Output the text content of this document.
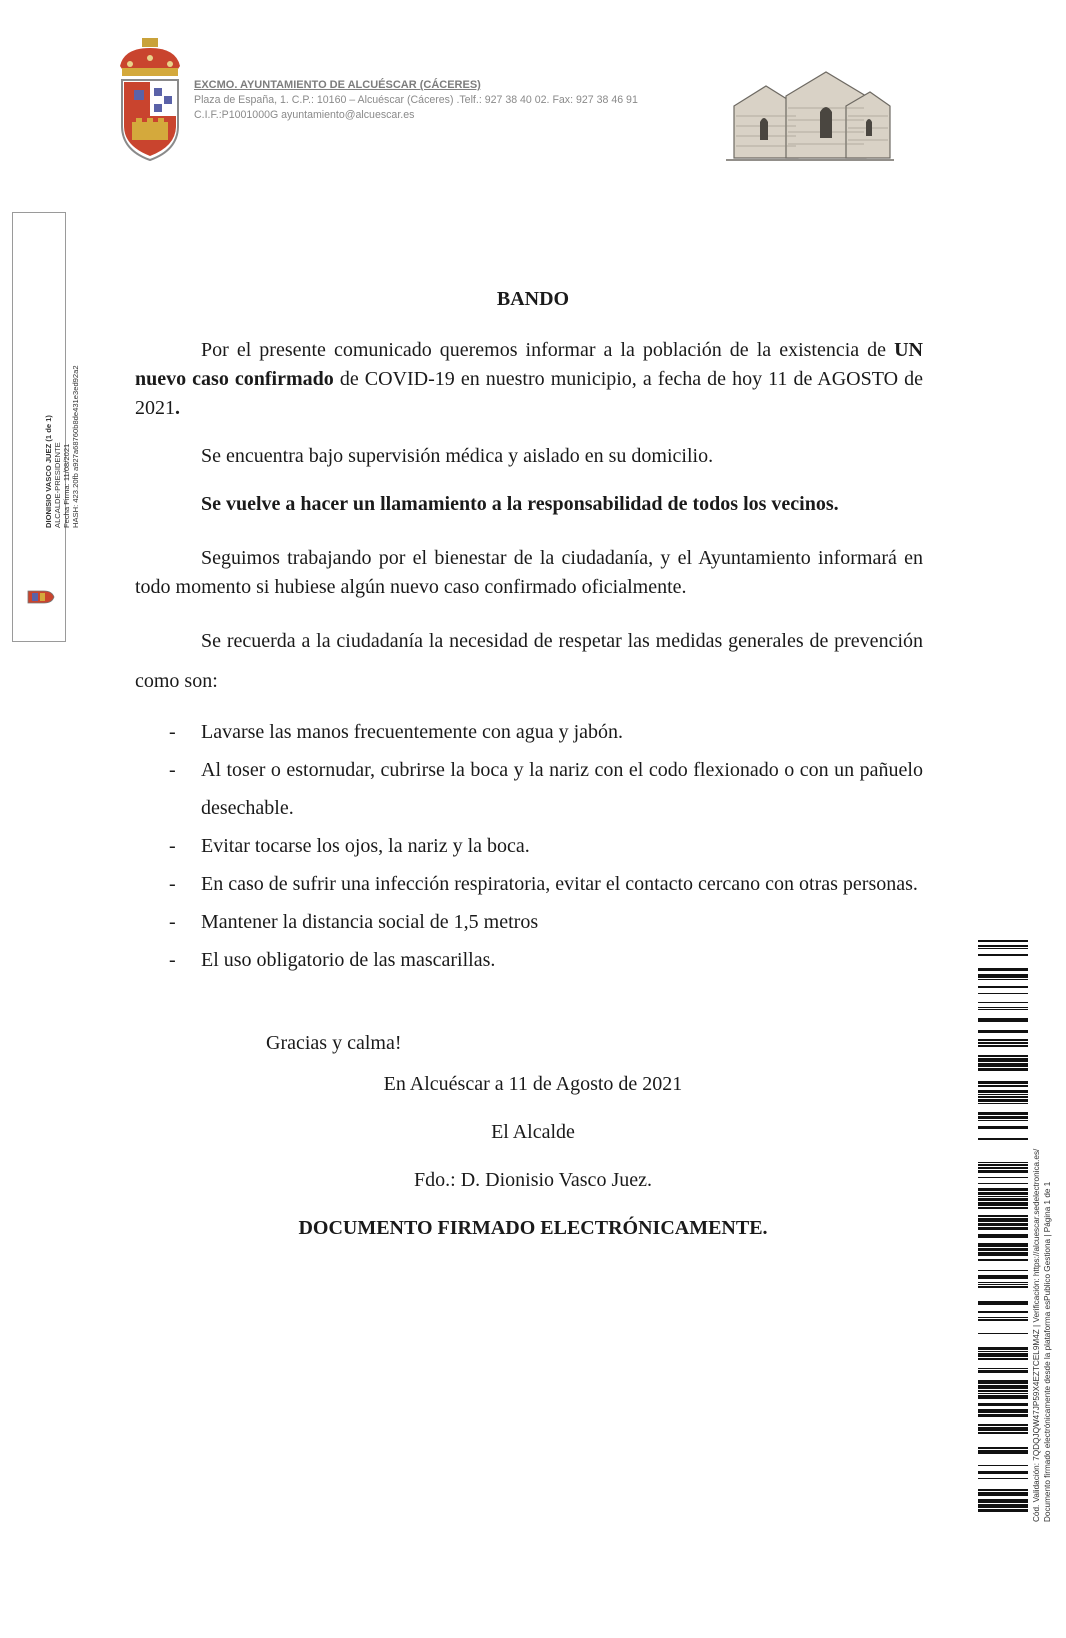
EXCMO. AYUNTAMIENTO DE ALCUÉSCAR (CÁCERES)
Plaza de España, 1. C.P.: 10160 – Alcuéscar (Cáceres) .Telf.: 927 38 40 02. Fax: 927 38 46 91
C.I.F.:P1001000G ayuntamiento@alcuescar.es
DIONISIO VASCO JUEZ (1 de 1) ALCALDE-PRESIDENTE Fecha Firma: 11/08/2021 HASH: 423.20fb a927a68760b8de431e3ed92a2
Cód. Validación: 7QDQJQW47JP59X4EZTCEL9M4Z | Verificación: https://alcuescar.sedelectronica.es/ Documento firmado electrónicamente desde la plataforma esPublico Gestiona | Página 1 de 1
BANDO
Por el presente comunicado queremos informar a la población de la existencia de UN nuevo caso confirmado de COVID-19 en nuestro municipio, a fecha de hoy 11 de AGOSTO de 2021.
Se encuentra bajo supervisión médica y aislado en su domicilio.
Se vuelve a hacer un llamamiento a la responsabilidad de todos los vecinos.
Seguimos trabajando por el bienestar de la ciudadanía, y el Ayuntamiento informará en todo momento si hubiese algún nuevo caso confirmado oficialmente.
Se recuerda a la ciudadanía la necesidad de respetar las medidas generales de prevención como son:
- Lavarse las manos frecuentemente con agua y jabón.
- Al toser o estornudar, cubrirse la boca y la nariz con el codo flexionado o con un pañuelo desechable.
- Evitar tocarse los ojos, la nariz y la boca.
- En caso de sufrir una infección respiratoria, evitar el contacto cercano con otras personas.
- Mantener la distancia social de 1,5 metros
- El uso obligatorio de las mascarillas.
Gracias y calma!
En Alcuéscar a 11 de Agosto de 2021
El Alcalde
Fdo.: D. Dionisio Vasco Juez.
DOCUMENTO FIRMADO ELECTRÓNICAMENTE.
